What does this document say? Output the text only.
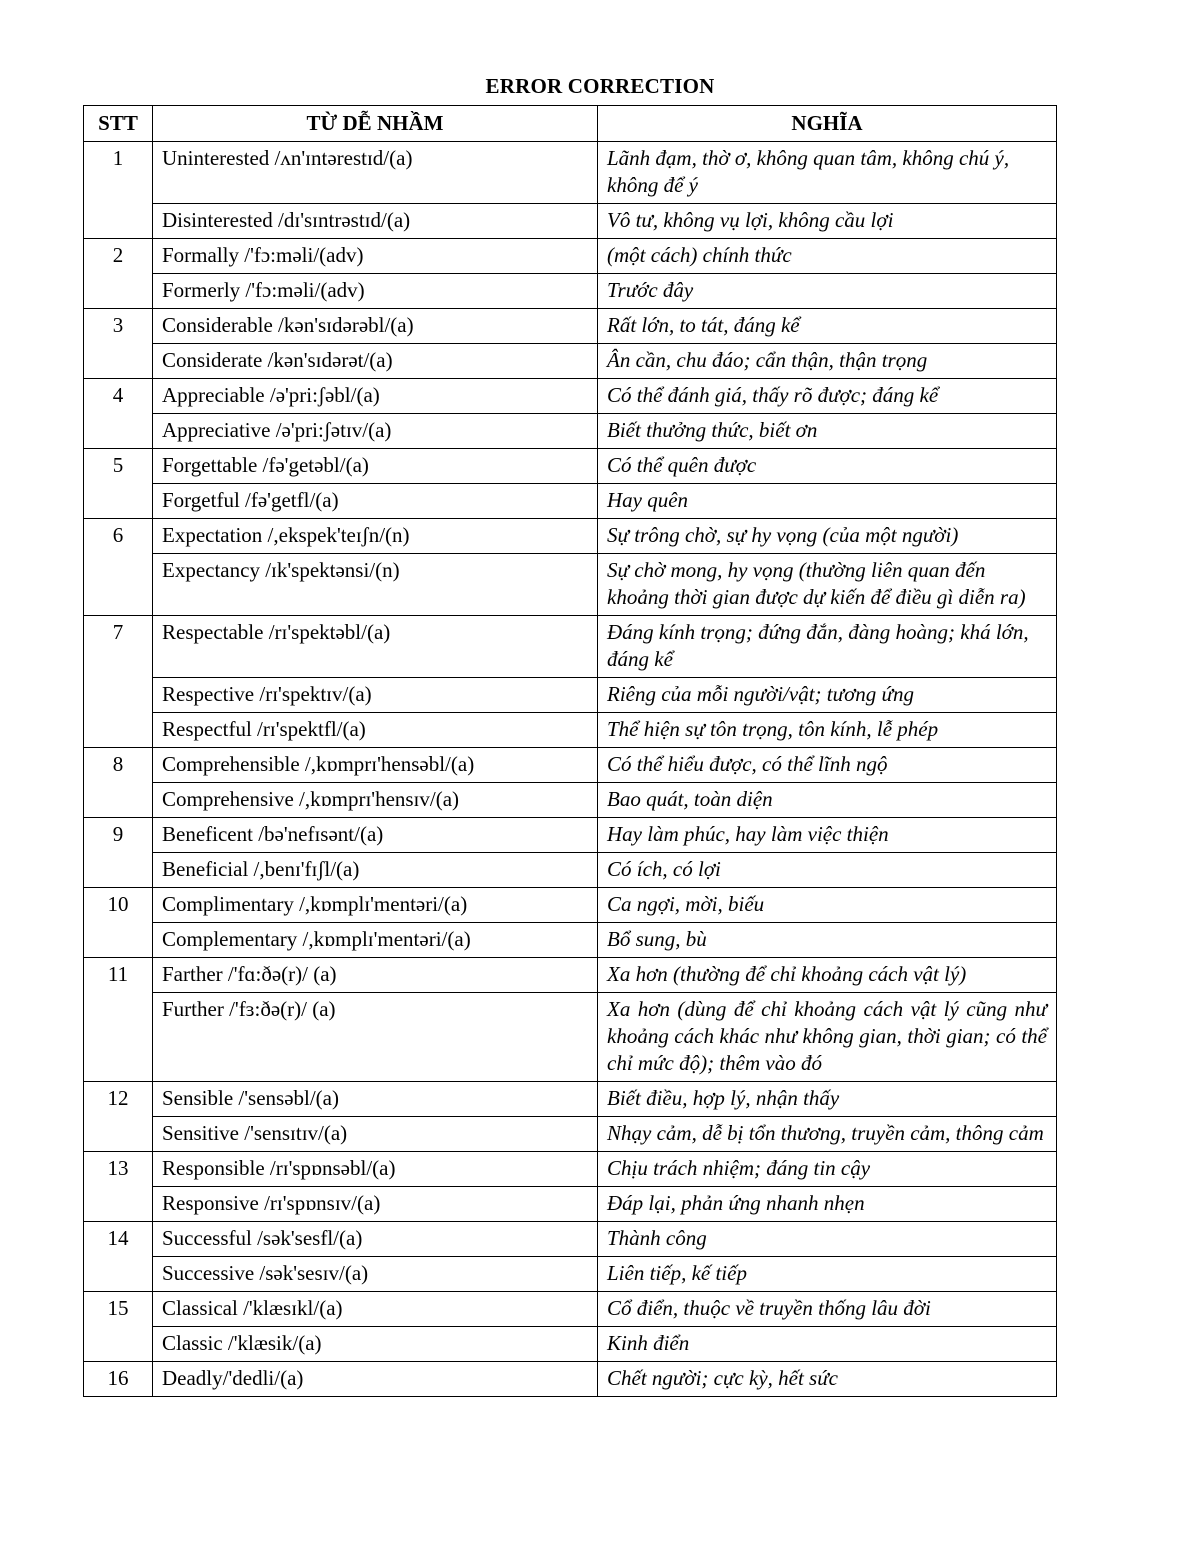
ERROR CORRECTION
STT	TỪ DỄ NHẦM	NGHĨA
1	Uninterested /ʌn'ɪntərestɪd/(a)	Lãnh đạm, thờ ơ, không quan tâm, không chú ý, không để ý
	Disinterested /dɪ'sɪntrəstɪd/(a)	Vô tư, không vụ lợi, không cầu lợi
2	Formally /'fɔ:məli/(adv)	(một cách) chính thức
	Formerly /'fɔ:məli/(adv)	Trước đây
3	Considerable /kən'sɪdərəbl/(a)	Rất lớn, to tát, đáng kể
	Considerate /kən'sɪdərət/(a)	Ân cần, chu đáo; cẩn thận, thận trọng
4	Appreciable /ə'pri:ʃəbl/(a)	Có thể đánh giá, thấy rõ được; đáng kể
	Appreciative /ə'pri:ʃətɪv/(a)	Biết thưởng thức, biết ơn
5	Forgettable /fə'getəbl/(a)	Có thể quên được
	Forgetful /fə'getfl/(a)	Hay quên
6	Expectation /,ekspek'teɪʃn/(n)	Sự trông chờ, sự hy vọng (của một người)
	Expectancy /ɪk'spektənsi/(n)	Sự chờ mong, hy vọng (thường liên quan đến khoảng thời gian được dự kiến để điều gì diễn ra)
7	Respectable /rɪ'spektəbl/(a)	Đáng kính trọng; đứng đắn, đàng hoàng; khá lớn, đáng kể
	Respective /rɪ'spektɪv/(a)	Riêng của mỗi người/vật; tương ứng
	Respectful /rɪ'spektfl/(a)	Thể hiện sự tôn trọng, tôn kính, lễ phép
8	Comprehensible /,kɒmprɪ'hensəbl/(a)	Có thể hiểu được, có thể lĩnh ngộ
	Comprehensive /,kɒmprɪ'hensɪv/(a)	Bao quát, toàn diện
9	Beneficent /bə'nefɪsənt/(a)	Hay làm phúc, hay làm việc thiện
	Beneficial /,benɪ'fɪʃl/(a)	Có ích, có lợi
10	Complimentary /,kɒmplɪ'mentəri/(a)	Ca ngợi, mời, biếu
	Complementary /,kɒmplɪ'mentəri/(a)	Bổ sung, bù
11	Farther /'fɑ:ðə(r)/ (a)	Xa hơn (thường để chỉ khoảng cách vật lý)
	Further /'fɜ:ðə(r)/ (a)	Xa hơn (dùng để chỉ khoảng cách vật lý cũng như khoảng cách khác như không gian, thời gian; có thể chỉ mức độ); thêm vào đó
12	Sensible /'sensəbl/(a)	Biết điều, hợp lý, nhận thấy
	Sensitive /'sensɪtɪv/(a)	Nhạy cảm, dễ bị tổn thương, truyền cảm, thông cảm
13	Responsible /rɪ'spɒnsəbl/(a)	Chịu trách nhiệm; đáng tin cậy
	Responsive /rɪ'spɒnsɪv/(a)	Đáp lại, phản ứng nhanh nhẹn
14	Successful /sək'sesfl/(a)	Thành công
	Successive /sək'sesɪv/(a)	Liên tiếp, kế tiếp
15	Classical /'klæsɪkl/(a)	Cổ điển, thuộc về truyền thống lâu đời
	Classic /'klæsik/(a)	Kinh điển
16	Deadly/'dedli/(a)	Chết người; cực kỳ, hết sức
